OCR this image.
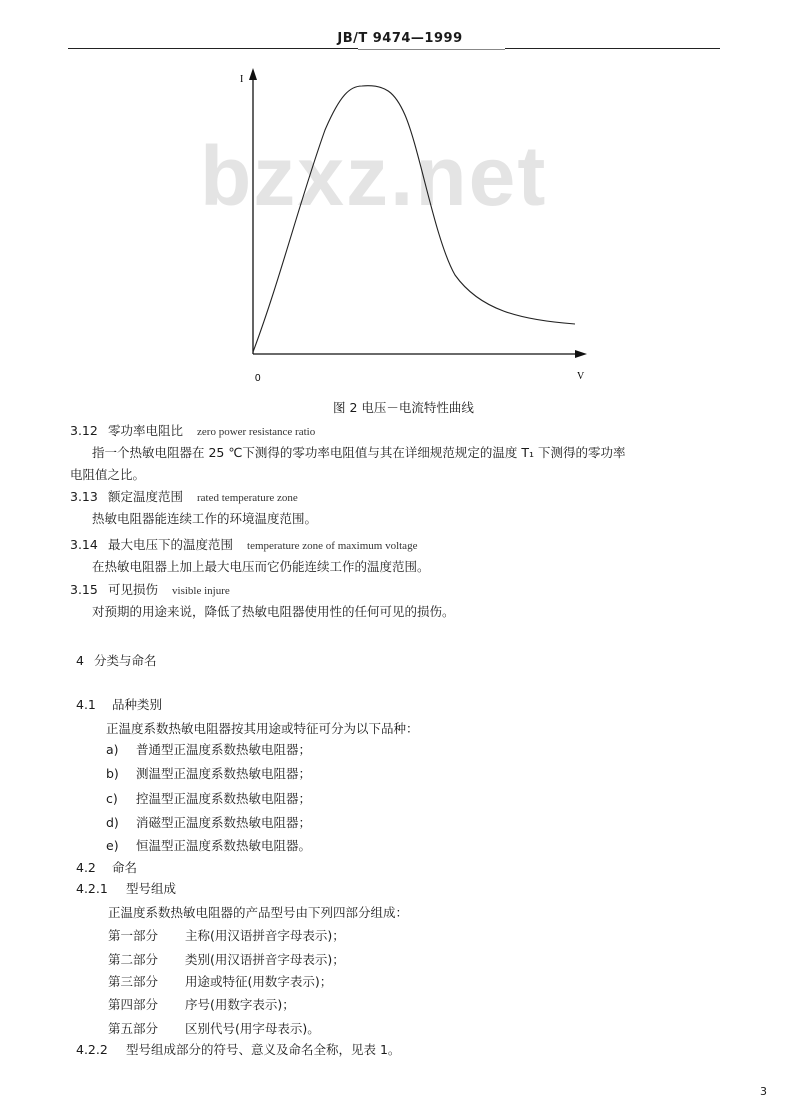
JB/T 9474—1999
bzxz.net
I
0	V
图 2 电压－电流特性曲线
3.12 零功率电阻比 zero power resistance ratio
指一个热敏电阻器在 25 ℃下测得的零功率电阻值与其在详细规范规定的温度 T₁ 下测得的零功率
电阻值之比。
3.13 额定温度范围 rated temperature zone
热敏电阻器能连续工作的环境温度范围。
3.14 最大电压下的温度范围 temperature zone of maximum voltage
在热敏电阻器上加上最大电压而它仍能连续工作的温度范围。
3.15 可见损伤 visible injure
对预期的用途来说，降低了热敏电阻器使用性的任何可见的损伤。
4 分类与命名
4.1 品种类别
正温度系数热敏电阻器按其用途或特征可分为以下品种：
a) 普通型正温度系数热敏电阻器；
b) 测温型正温度系数热敏电阻器；
c) 控温型正温度系数热敏电阻器；
d) 消磁型正温度系数热敏电阻器；
e) 恒温型正温度系数热敏电阻器。
4.2 命名
4.2.1 型号组成
正温度系数热敏电阻器的产品型号由下列四部分组成：
第一部分 主称(用汉语拼音字母表示)；
第二部分 类别(用汉语拼音字母表示)；
第三部分 用途或特征(用数字表示)；
第四部分 序号(用数字表示)；
第五部分 区别代号(用字母表示)。
4.2.2 型号组成部分的符号、意义及命名全称，见表 1。
3
